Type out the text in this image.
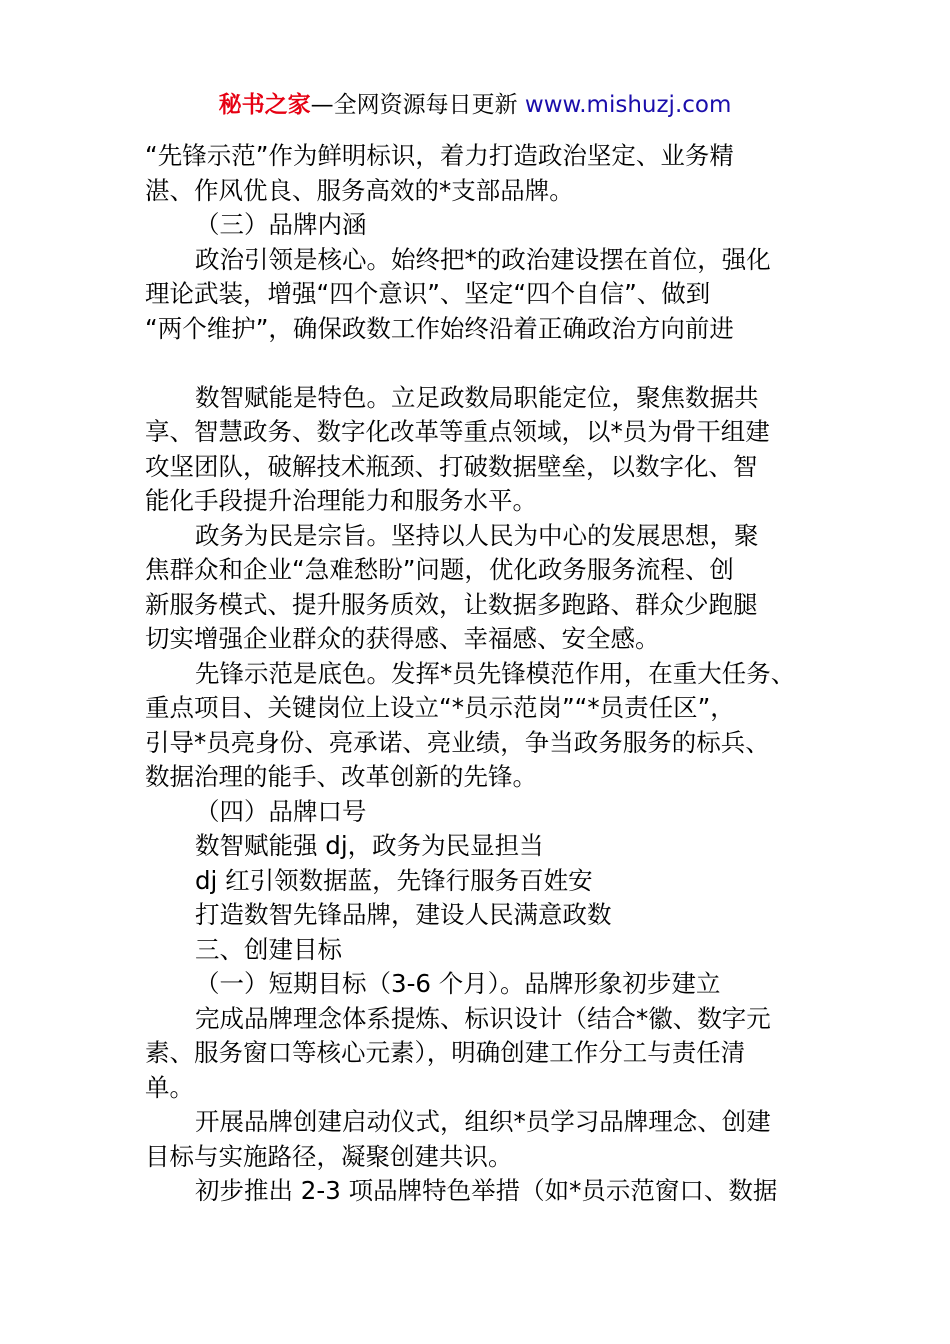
秘书之家—全网资源每日更新 www.mishuzj.com
“先锋示范”作为鲜明标识，着力打造政治坚定、业务精
湛、作风优良、服务高效的*支部品牌。
（三）品牌内涵
政治引领是核心。始终把*的政治建设摆在首位，强化
理论武装，增强“四个意识”、坚定“四个自信”、做到
“两个维护”，确保政数工作始终沿着正确政治方向前进
数智赋能是特色。立足政数局职能定位，聚焦数据共
享、智慧政务、数字化改革等重点领域，以*员为骨干组建
攻坚团队，破解技术瓶颈、打破数据壁垒，以数字化、智
能化手段提升治理能力和服务水平。
政务为民是宗旨。坚持以人民为中心的发展思想，聚
焦群众和企业“急难愁盼”问题，优化政务服务流程、创
新服务模式、提升服务质效，让数据多跑路、群众少跑腿
切实增强企业群众的获得感、幸福感、安全感。
先锋示范是底色。发挥*员先锋模范作用，在重大任务、
重点项目、关键岗位上设立“*员示范岗”“*员责任区”，
引导*员亮身份、亮承诺、亮业绩，争当政务服务的标兵、
数据治理的能手、改革创新的先锋。
（四）品牌口号
数智赋能强 dj，政务为民显担当
dj 红引领数据蓝，先锋行服务百姓安
打造数智先锋品牌，建设人民满意政数
三、创建目标
（一）短期目标（3-6 个月）。品牌形象初步建立
完成品牌理念体系提炼、标识设计（结合*徽、数字元
素、服务窗口等核心元素），明确创建工作分工与责任清
单。
开展品牌创建启动仪式，组织*员学习品牌理念、创建
目标与实施路径，凝聚创建共识。
初步推出 2-3 项品牌特色举措（如*员示范窗口、数据
